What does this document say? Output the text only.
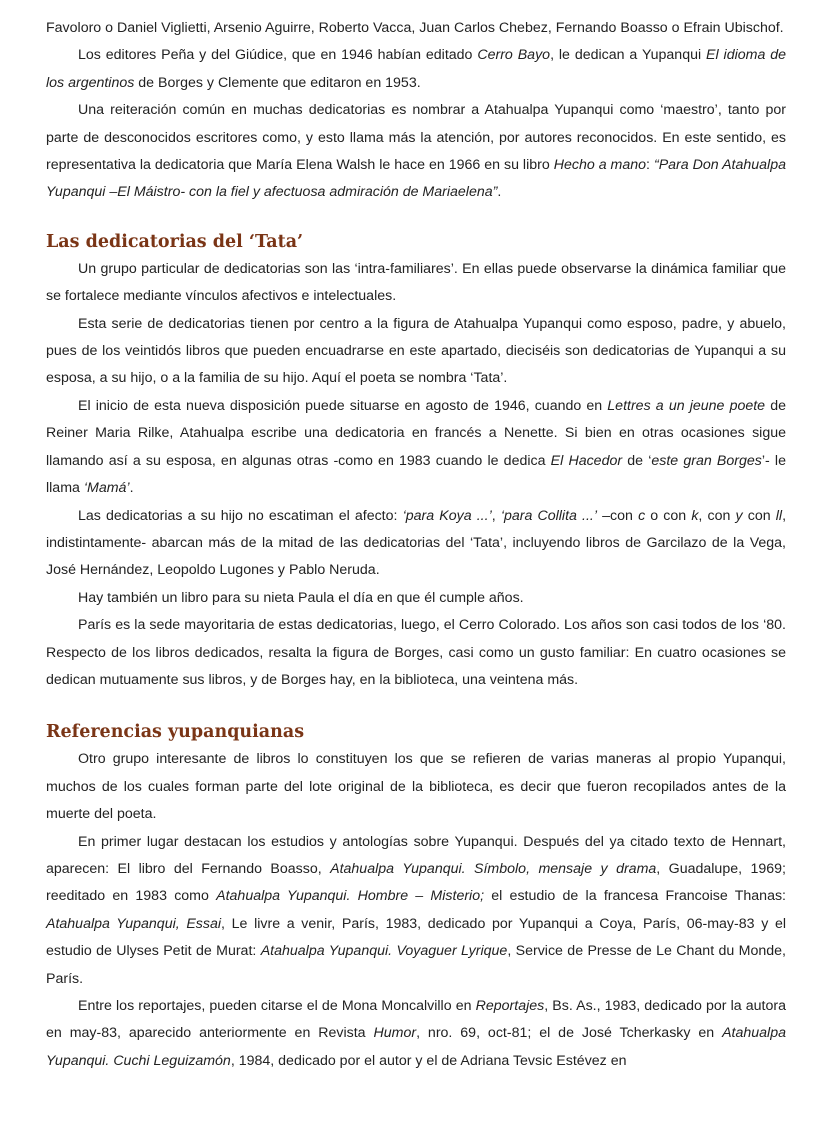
Favoloro o Daniel Viglietti, Arsenio Aguirre, Roberto Vacca, Juan Carlos Chebez, Fernando Boasso o Efrain Ubischof.

Los editores Peña y del Giúdice, que en 1946 habían editado Cerro Bayo, le dedican a Yupanqui El idioma de los argentinos de Borges y Clemente que editaron en 1953.

Una reiteración común en muchas dedicatorias es nombrar a Atahualpa Yupanqui como ‘maestro’, tanto por parte de desconocidos escritores como, y esto llama más la atención, por autores reconocidos. En este sentido, es representativa la dedicatoria que María Elena Walsh le hace en 1966 en su libro Hecho a mano: “Para Don Atahualpa Yupanqui –El Máistro- con la fiel y afectuosa admiración de Mariaelena”.

Las dedicatorias del ‘Tata’

Un grupo particular de dedicatorias son las ‘intra-familiares’. En ellas puede observarse la dinámica familiar que se fortalece mediante vínculos afectivos e intelectuales.

Esta serie de dedicatorias tienen por centro a la figura de Atahualpa Yupanqui como esposo, padre, y abuelo, pues de los veintidós libros que pueden encuadrarse en este apartado, dieciséis son dedicatorias de Yupanqui a su esposa, a su hijo, o a la familia de su hijo. Aquí el poeta se nombra ‘Tata’.

El inicio de esta nueva disposición puede situarse en agosto de 1946, cuando en Lettres a un jeune poete de Reiner Maria Rilke, Atahualpa escribe una dedicatoria en francés a Nenette. Si bien en otras ocasiones sigue llamando así a su esposa, en algunas otras -como en 1983 cuando le dedica El Hacedor de ‘este gran Borges’- le llama ‘Mamá’.

Las dedicatorias a su hijo no escatiman el afecto: ‘para Koya ...’, ‘para Collita ...’ –con c o con k, con y con ll, indistintamente- abarcan más de la mitad de las dedicatorias del ‘Tata’, incluyendo libros de Garcilazo de la Vega, José Hernández, Leopoldo Lugones y Pablo Neruda.

Hay también un libro para su nieta Paula el día en que él cumple años.

París es la sede mayoritaria de estas dedicatorias, luego, el Cerro Colorado. Los años son casi todos de los ‘80. Respecto de los libros dedicados, resalta la figura de Borges, casi como un gusto familiar: En cuatro ocasiones se dedican mutuamente sus libros, y de Borges hay, en la biblioteca, una veintena más.

Referencias yupanquianas

Otro grupo interesante de libros lo constituyen los que se refieren de varias maneras al propio Yupanqui, muchos de los cuales forman parte del lote original de la biblioteca, es decir que fueron recopilados antes de la muerte del poeta.

En primer lugar destacan los estudios y antologías sobre Yupanqui. Después del ya citado texto de Hennart, aparecen: El libro del Fernando Boasso, Atahualpa Yupanqui. Símbolo, mensaje y drama, Guadalupe, 1969; reeditado en 1983 como Atahualpa Yupanqui. Hombre – Misterio; el estudio de la francesa Francoise Thanas: Atahualpa Yupanqui, Essai, Le livre a venir, París, 1983, dedicado por Yupanqui a Coya, París, 06-may-83 y el estudio de Ulyses Petit de Murat: Atahualpa Yupanqui. Voyaguer Lyrique, Service de Presse de Le Chant du Monde, París.

Entre los reportajes, pueden citarse el de Mona Moncalvillo en Reportajes, Bs. As., 1983, dedicado por la autora en may-83, aparecido anteriormente en Revista Humor, nro. 69, oct-81; el de José Tcherkasky en Atahualpa Yupanqui. Cuchi Leguizamón, 1984, dedicado por el autor y el de Adriana Tevsic Estévez en
